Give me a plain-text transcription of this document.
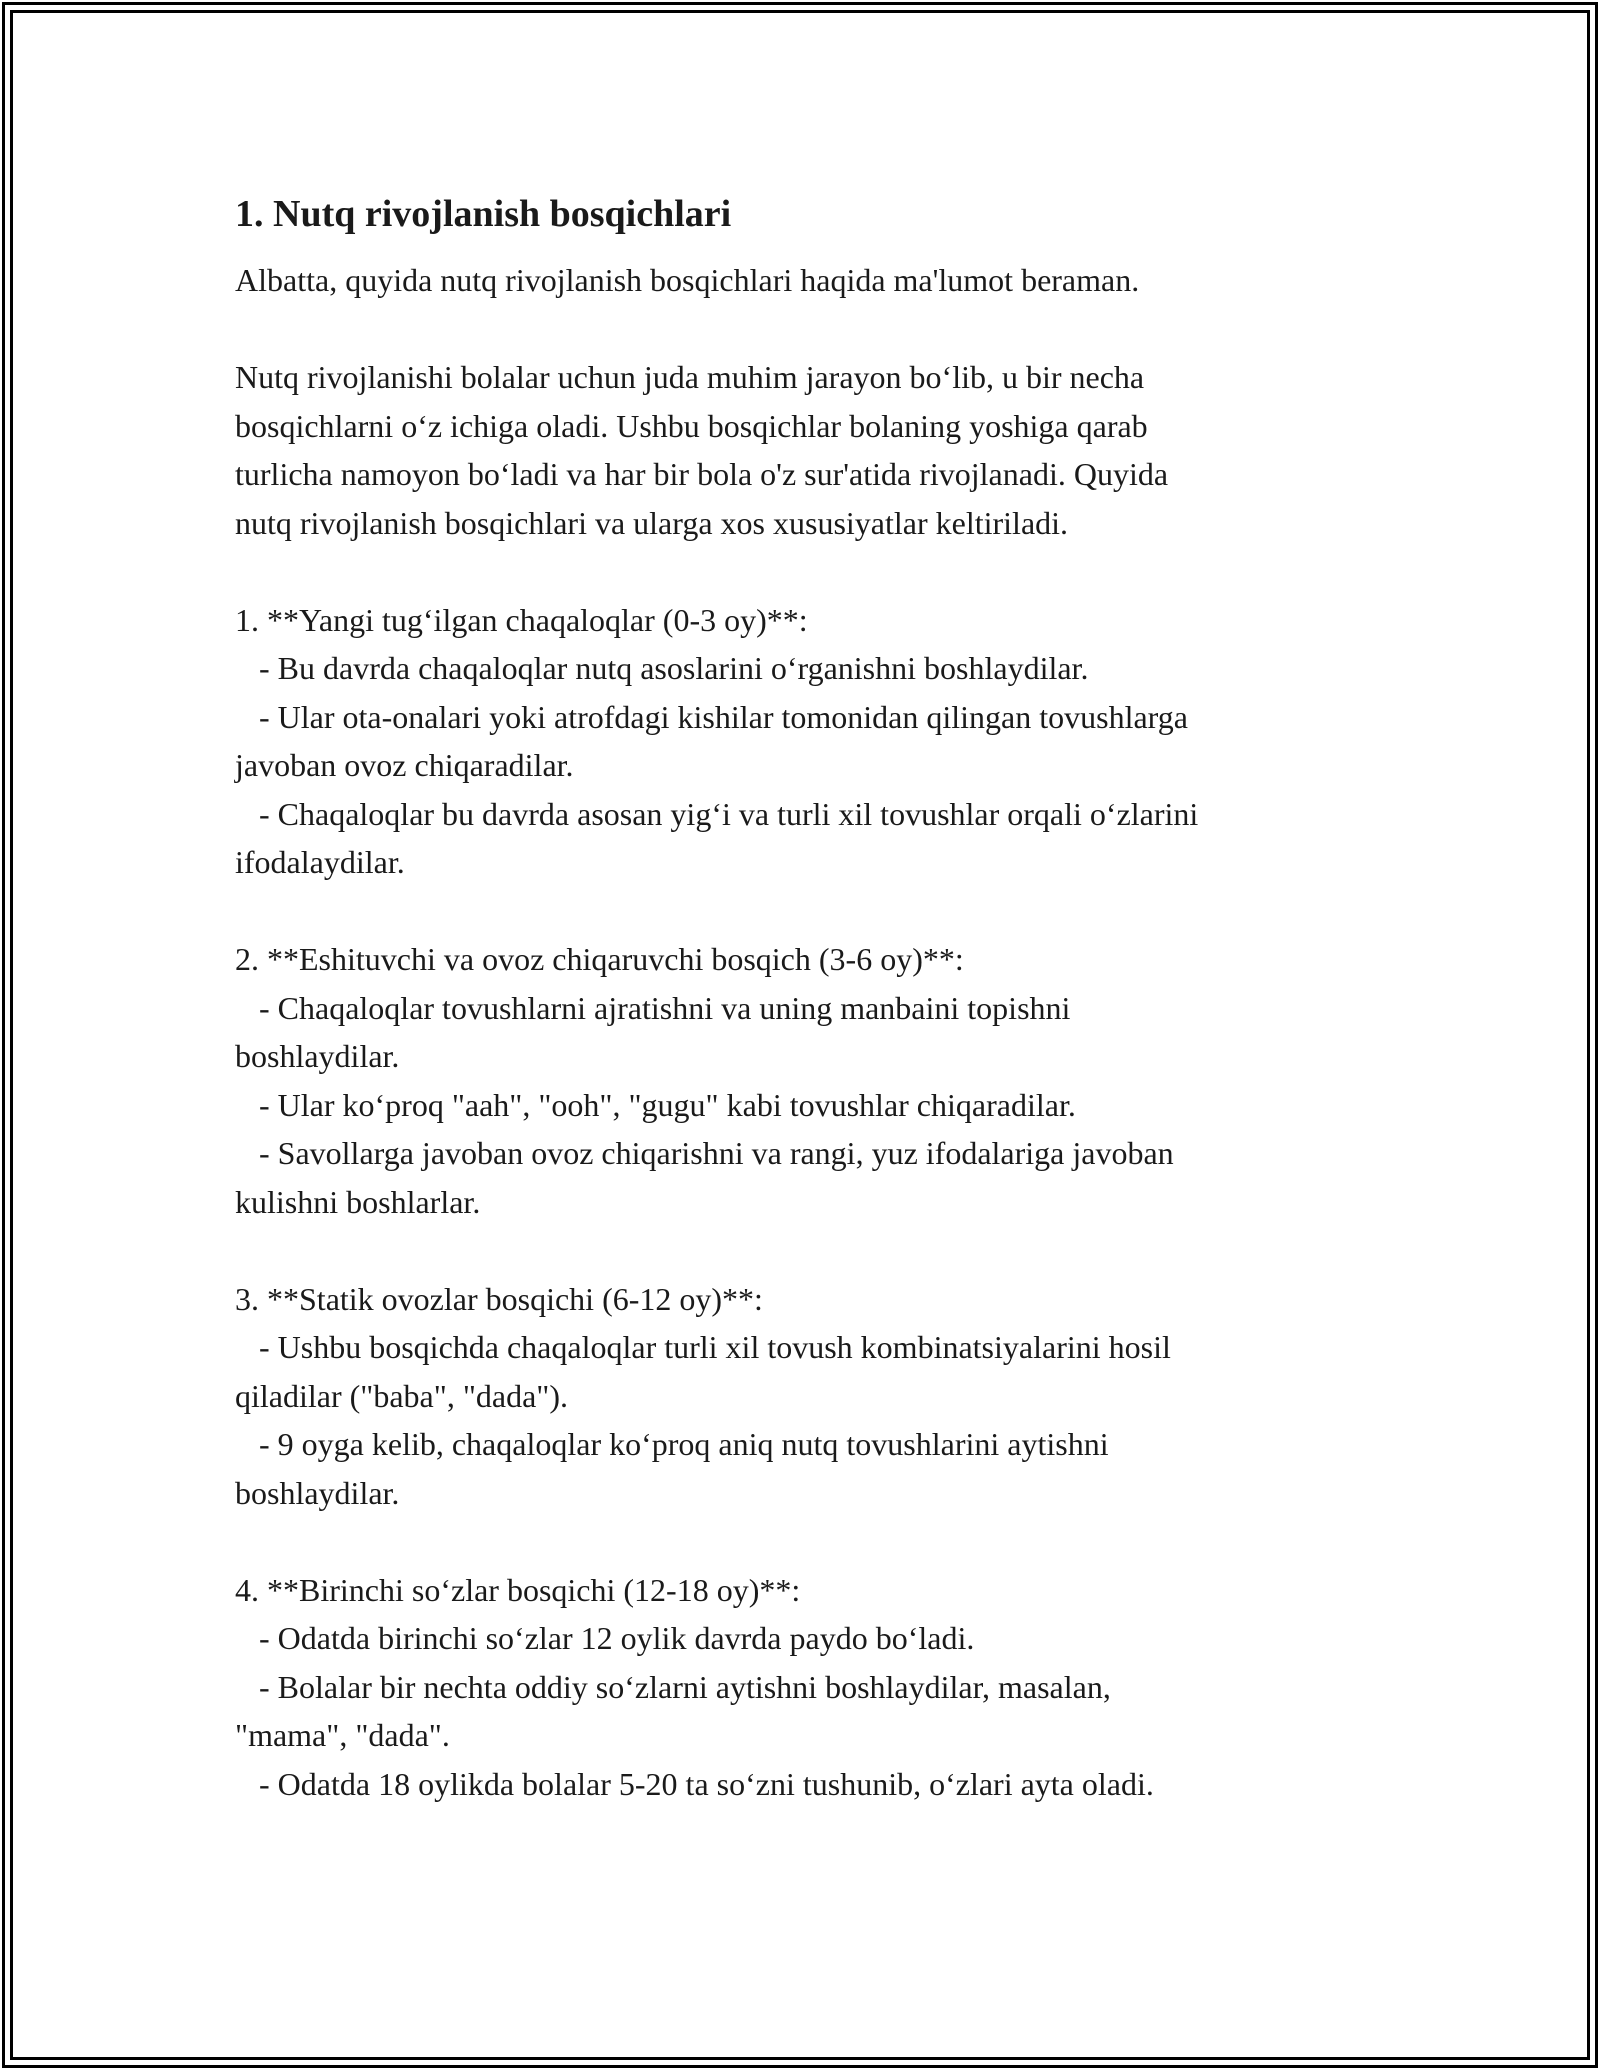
1. Nutq rivojlanish bosqichlari

Albatta, quyida nutq rivojlanish bosqichlari haqida ma'lumot beraman.

Nutq rivojlanishi bolalar uchun juda muhim jarayon bo‘lib, u bir necha
bosqichlarni o‘z ichiga oladi. Ushbu bosqichlar bolaning yoshiga qarab
turlicha namoyon bo‘ladi va har bir bola o'z sur'atida rivojlanadi. Quyida
nutq rivojlanish bosqichlari va ularga xos xususiyatlar keltiriladi.

1. **Yangi tug‘ilgan chaqaloqlar (0-3 oy)**:
- Bu davrda chaqaloqlar nutq asoslarini o‘rganishni boshlaydilar.
- Ular ota-onalari yoki atrofdagi kishilar tomonidan qilingan tovushlarga
javoban ovoz chiqaradilar.
- Chaqaloqlar bu davrda asosan yig‘i va turli xil tovushlar orqali o‘zlarini
ifodalaydilar.
2. **Eshituvchi va ovoz chiqaruvchi bosqich (3-6 oy)**:
- Chaqaloqlar tovushlarni ajratishni va uning manbaini topishni
boshlaydilar.
- Ular ko‘proq "aah", "ooh", "gugu" kabi tovushlar chiqaradilar.
- Savollarga javoban ovoz chiqarishni va rangi, yuz ifodalariga javoban
kulishni boshlarlar.
3. **Statik ovozlar bosqichi (6-12 oy)**:
- Ushbu bosqichda chaqaloqlar turli xil tovush kombinatsiyalarini hosil
qiladilar ("baba", "dada").
- 9 oyga kelib, chaqaloqlar ko‘proq aniq nutq tovushlarini aytishni
boshlaydilar.
4. **Birinchi so‘zlar bosqichi (12-18 oy)**:
- Odatda birinchi so‘zlar 12 oylik davrda paydo bo‘ladi.
- Bolalar bir nechta oddiy so‘zlarni aytishni boshlaydilar, masalan,
"mama", "dada".
- Odatda 18 oylikda bolalar 5-20 ta so‘zni tushunib, o‘zlari ayta oladi.
